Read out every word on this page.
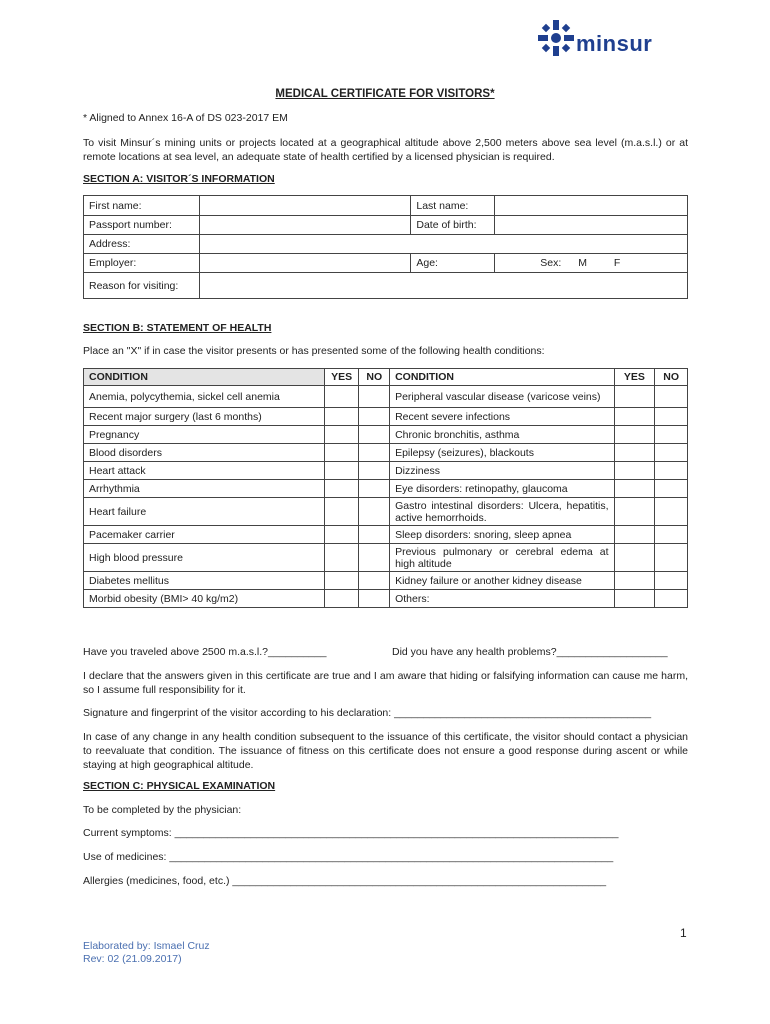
minsur
MEDICAL CERTIFICATE FOR VISITORS*
* Aligned to Annex 16-A of DS 023-2017 EM
To visit Minsur´s mining units or projects located at a geographical altitude above 2,500 meters above sea level (m.a.s.l.) or at remote locations at sea level, an adequate state of health certified by a licensed physician is required.
SECTION A: VISITOR´S INFORMATION
First name:		Last name:	
Passport number:		Date of birth:	
Address:			
Employer:		Age:	Sex: M F
Reason for visiting:			
SECTION B: STATEMENT OF HEALTH
Place an "X" if in case the visitor presents or has presented some of the following health conditions:
CONDITION	YES	NO	CONDITION	YES	NO
Anemia, polycythemia, sickel cell anemia			Peripheral vascular disease (varicose veins)		
Recent major surgery (last 6 months)			Recent severe infections		
Pregnancy			Chronic bronchitis, asthma		
Blood disorders			Epilepsy (seizures), blackouts		
Heart attack			Dizziness		
Arrhythmia			Eye disorders: retinopathy, glaucoma		
Heart failure			Gastro intestinal disorders: Ulcera, hepatitis, active hemorrhoids.		
Pacemaker carrier			Sleep disorders: snoring, sleep apnea		
High blood pressure			Previous pulmonary or cerebral edema at high altitude		
Diabetes mellitus			Kidney failure or another kidney disease		
Morbid obesity (BMI> 40 kg/m2)			Others:		
Have you traveled above 2500 m.a.s.l.?__________	Did you have any health problems?___________________
I declare that the answers given in this certificate are true and I am aware that hiding or falsifying information can cause me harm, so I assume full responsibility for it.
Signature and fingerprint of the visitor according to his declaration: ____________________________________________
In case of any change in any health condition subsequent to the issuance of this certificate, the visitor should contact a physician to reevaluate that condition. The issuance of fitness on this certificate does not ensure a good response during ascent or while staying at high geographical altitude.
SECTION C: PHYSICAL EXAMINATION
To be completed by the physician:
Current symptoms: ____________________________________________________________________________
Use of medicines: ____________________________________________________________________________
Allergies (medicines, food, etc.) ________________________________________________________________
1
Elaborated by: Ismael Cruz
Rev: 02 (21.09.2017)
